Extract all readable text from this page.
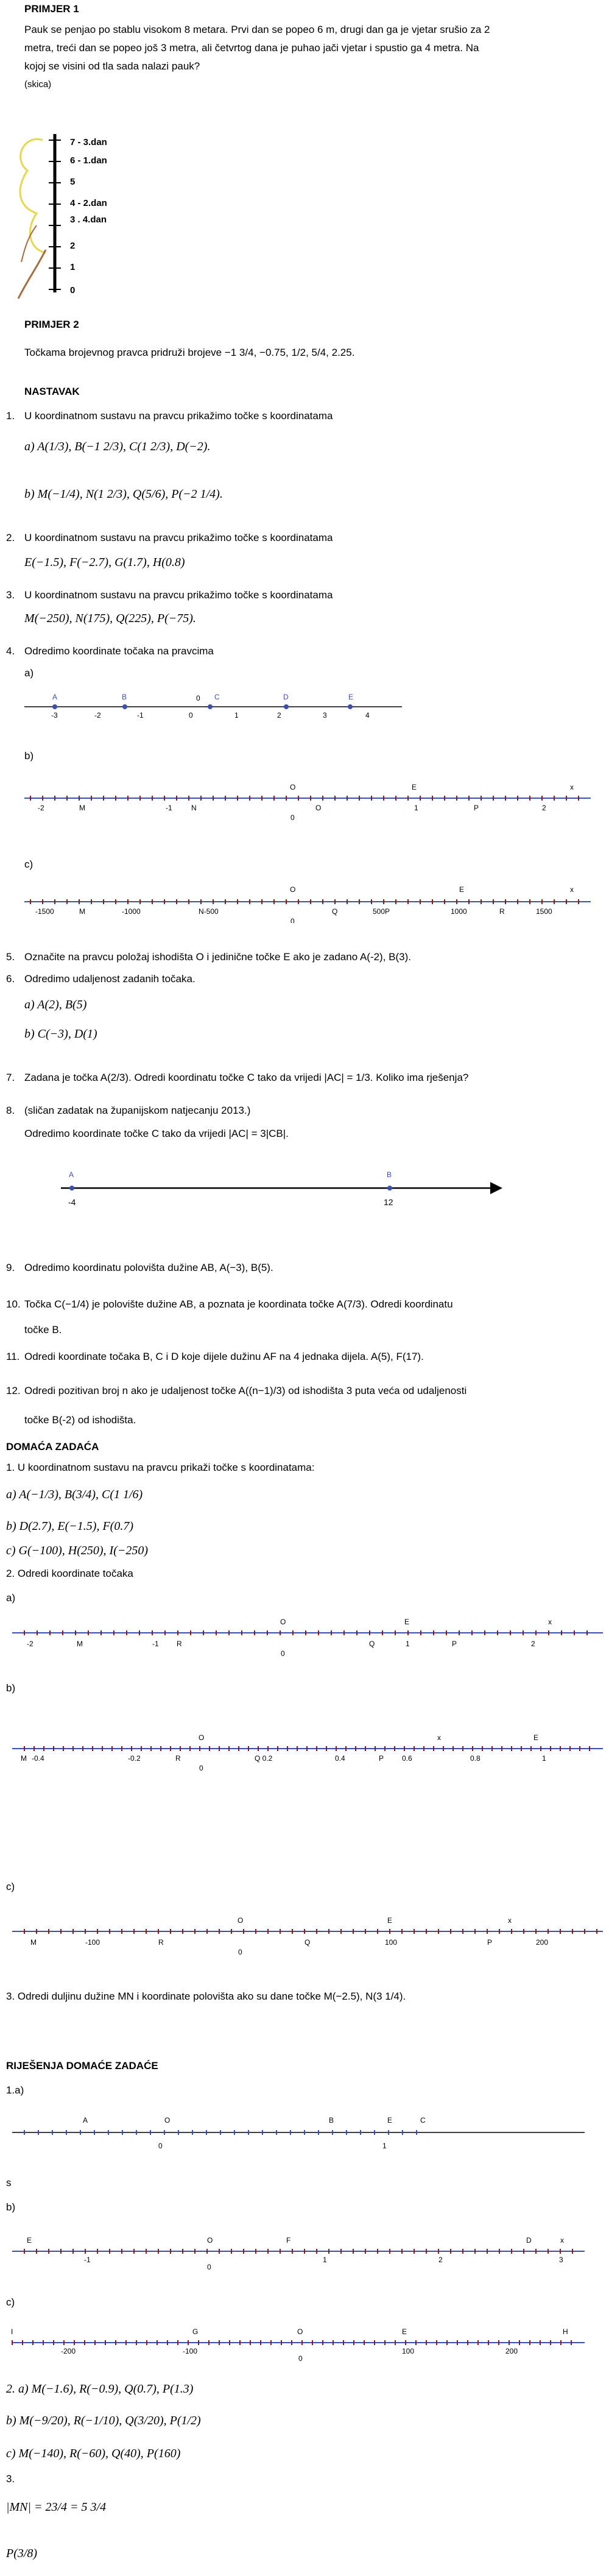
PRIMJER 1
Pauk se penjao po stablu visokom 8 metara. Prvi dan se popeo 6 m, drugi dan ga je vjetar srušio za 2
metra, treći dan se popeo još 3 metra, ali četvrtog dana je puhao jači vjetar i spustio ga 4 metra. Na
kojoj se visini od tla sada nalazi pauk?
(skica)
7 - 3.dan
6 - 1.dan
5
4 - 2.dan
3 . 4.dan
2
1
0
PRIMJER 2
Točkama brojevnog pravca pridruži brojeve −1 3/4, −0.75, 1/2, 5/4, 2.25.
NASTAVAK
1. U koordinatnom sustavu na pravcu prikažimo točke s koordinatama
a) A(1/3), B(−1 2/3), C(1 2/3), D(−2).
b) M(−1/4), N(1 2/3), Q(5/6), P(−2 1/4).
2. U koordinatnom sustavu na pravcu prikažimo točke s koordinatama
E(−1.5), F(−2.7), G(1.7), H(0.8)
3. U koordinatnom sustavu na pravcu prikažimo točke s koordinatama
M(−250), N(175), Q(225), P(−75).
4. Odredimo koordinate točaka na pravcima
a)
A	B	C	D	E
0
-3	-2	-1	0	1	2	3	4
b)
O	E	x
-2	M	-1	N	O	1	P	2
0
c)
O	E	x
-1500	M	-1000	N-500	Q	500P	1000	R	1500
0
5. Označite na pravcu položaj ishodišta O i jedinične točke E ako je zadano A(-2), B(3).
6. Odredimo udaljenost zadanih točaka.
a) A(2), B(5)
b) C(−3), D(1)
7. Zadana je točka A(2/3). Odredi koordinatu točke C tako da vrijedi |AC| = 1/3. Koliko ima rješenja?
8. (sličan zadatak na županijskom natjecanju 2013.)
Odredimo koordinate točke C tako da vrijedi |AC| = 3|CB|.
A	B
-4	12
9. Odredimo koordinatu polovišta dužine AB, A(−3), B(5).
10. Točka C(−1/4) je polovište dužine AB, a poznata je koordinata točke A(7/3). Odredi koordinatu
točke B.
11. Odredi koordinate točaka B, C i D koje dijele dužinu AF na 4 jednaka dijela. A(5), F(17).
12. Odredi pozitivan broj n ako je udaljenost točke A((n−1)/3) od ishodišta 3 puta veća od udaljenosti
točke B(-2) od ishodišta.
DOMAĆA ZADAĆA
1. U koordinatnom sustavu na pravcu prikaži točke s koordinatama:
a) A(−1/3), B(3/4), C(1 1/6)
b) D(2.7), E(−1.5), F(0.7)
c) G(−100), H(250), I(−250)
2. Odredi koordinate točaka
a)
O	E	x
-2	M	-1 R	Q	1	P	2
0
b)
O	E
x
M -0.4	-0.2	R	Q 0.2	0.4	P 0.6	0.8	1
0
c)
O	E	x
M	-100	R	Q	100	P	200
0
3. Odredi duljinu dužine MN i koordinate polovišta ako su dane točke M(−2.5), N(3 1/4).
RIJEŠENJA DOMAĆE ZADAĆE
1.a)
A	O	B	E	C
0	1
s
b)
E	O	F	D	x
-1	1	2	3
0
c)
I	G	O	E	H
-200	-100	100	200
0
2. a) M(−1.6), R(−0.9), Q(0.7), P(1.3)
b) M(−9/20), R(−1/10), Q(3/20), P(1/2)
c) M(−140), R(−60), Q(40), P(160)
3.
|MN| = 23/4 = 5 3/4
P(3/8)
